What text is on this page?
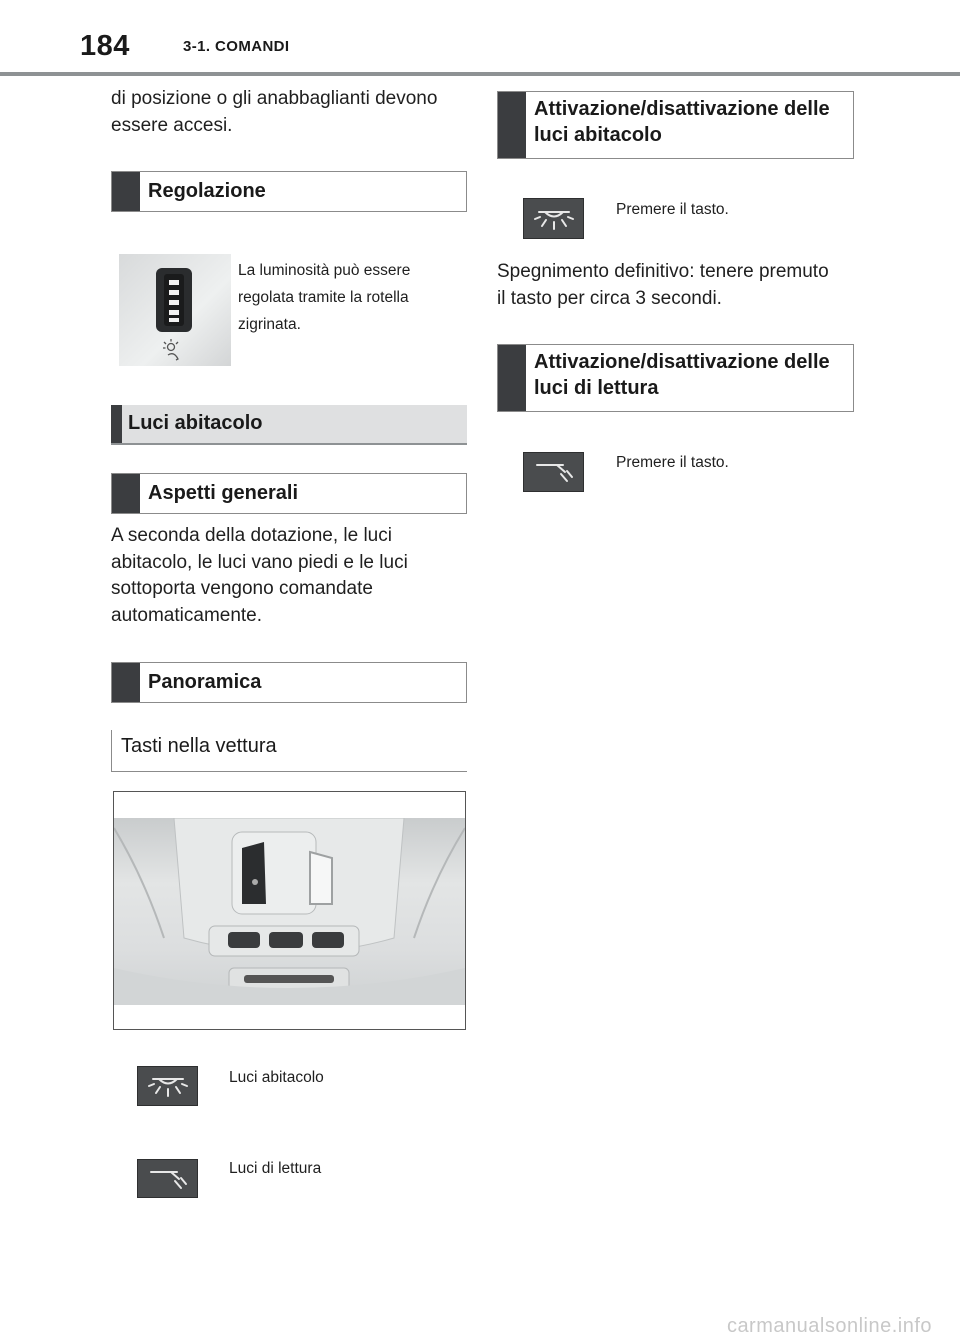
184	3-1. COMANDI

di posizione o gli anabbaglianti devono essere accesi.

Regolazione

La luminosità può essere regolata tramite la rotella zigrinata.

Luci abitacolo
Aspetti generali

A seconda della dotazione, le luci abitacolo, le luci vano piedi e le luci sottoporta vengono comandate automaticamente.

Panoramica
Tasti nella vettura
Luci abitacolo
Luci di lettura
Attivazione/disattivazione delle luci abitacolo
Premere il tasto.

Spegnimento definitivo: tenere premuto il tasto per circa 3 secondi.

Attivazione/disattivazione delle luci di lettura
Premere il tasto.
carmanualsonline.info
